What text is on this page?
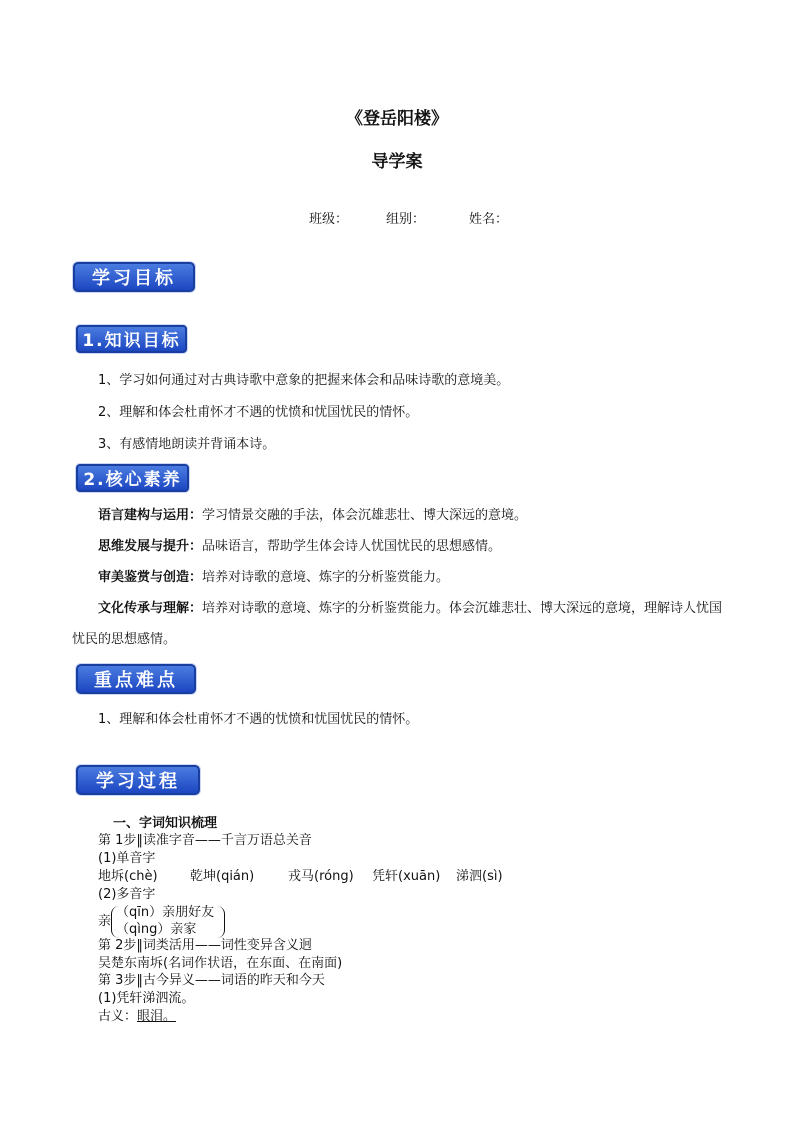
《登岳阳楼》
导学案
班级：	组别：	姓名：
学习目标
1.知识目标
1、学习如何通过对古典诗歌中意象的把握来体会和品味诗歌的意境美。
2、理解和体会杜甫怀才不遇的忧愤和忧国忧民的情怀。
3、有感情地朗读并背诵本诗。
2.核心素养
语言建构与运用：学习情景交融的手法，体会沉雄悲壮、博大深远的意境。
思维发展与提升：品味语言，帮助学生体会诗人忧国忧民的思想感情。
审美鉴赏与创造：培养对诗歌的意境、炼字的分析鉴赏能力。
文化传承与理解：培养对诗歌的意境、炼字的分析鉴赏能力。体会沉雄悲壮、博大深远的意境，理解诗人忧国忧民的思想感情。
重点难点
1、理解和体会杜甫怀才不遇的忧愤和忧国忧民的情怀。
学习过程
一、字词知识梳理
第 1步‖读准字音——千言万语总关音
(1)单音字
地坼(chè) 乾坤(qián)	戎马(róng) 凭轩(xuān) 涕泗(sì)
(2)多音字
亲
（qīn）亲朋好友
（qìng）亲家
第 2步‖词类活用——词性变异含义迥
吴楚东南坼(名词作状语，在东面、在南面)
第 3步‖古今异义——词语的昨天和今天
(1)凭轩涕泗流。
古义：眼泪。
